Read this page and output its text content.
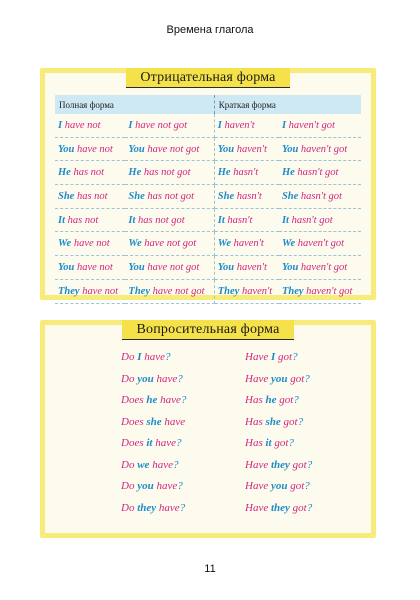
Времена глагола
Отрицательная форма
Полная форма		Краткая форма	
I have not	I have not got	I haven't	I haven't got
You have not	You have not got	You haven't	You haven't got
He has not	He has not got	He hasn't	He hasn't got
She has not	She has not got	She hasn't	She hasn't got
It has not	It has not got	It hasn't	It hasn't got
We have not	We have not got	We haven't	We haven't got
You have not	You have not got	You haven't	You haven't got
They have not	They have not got	They haven't	They haven't got
Вопросительная форма
Do I have?	Have I got?
Do you have?	Have you got?
Does he have?	Has he got?
Does she have	Has she got?
Does it have?	Has it got?
Do we have?	Have they got?
Do you have?	Have you got?
Do they have?	Have they got?
11
